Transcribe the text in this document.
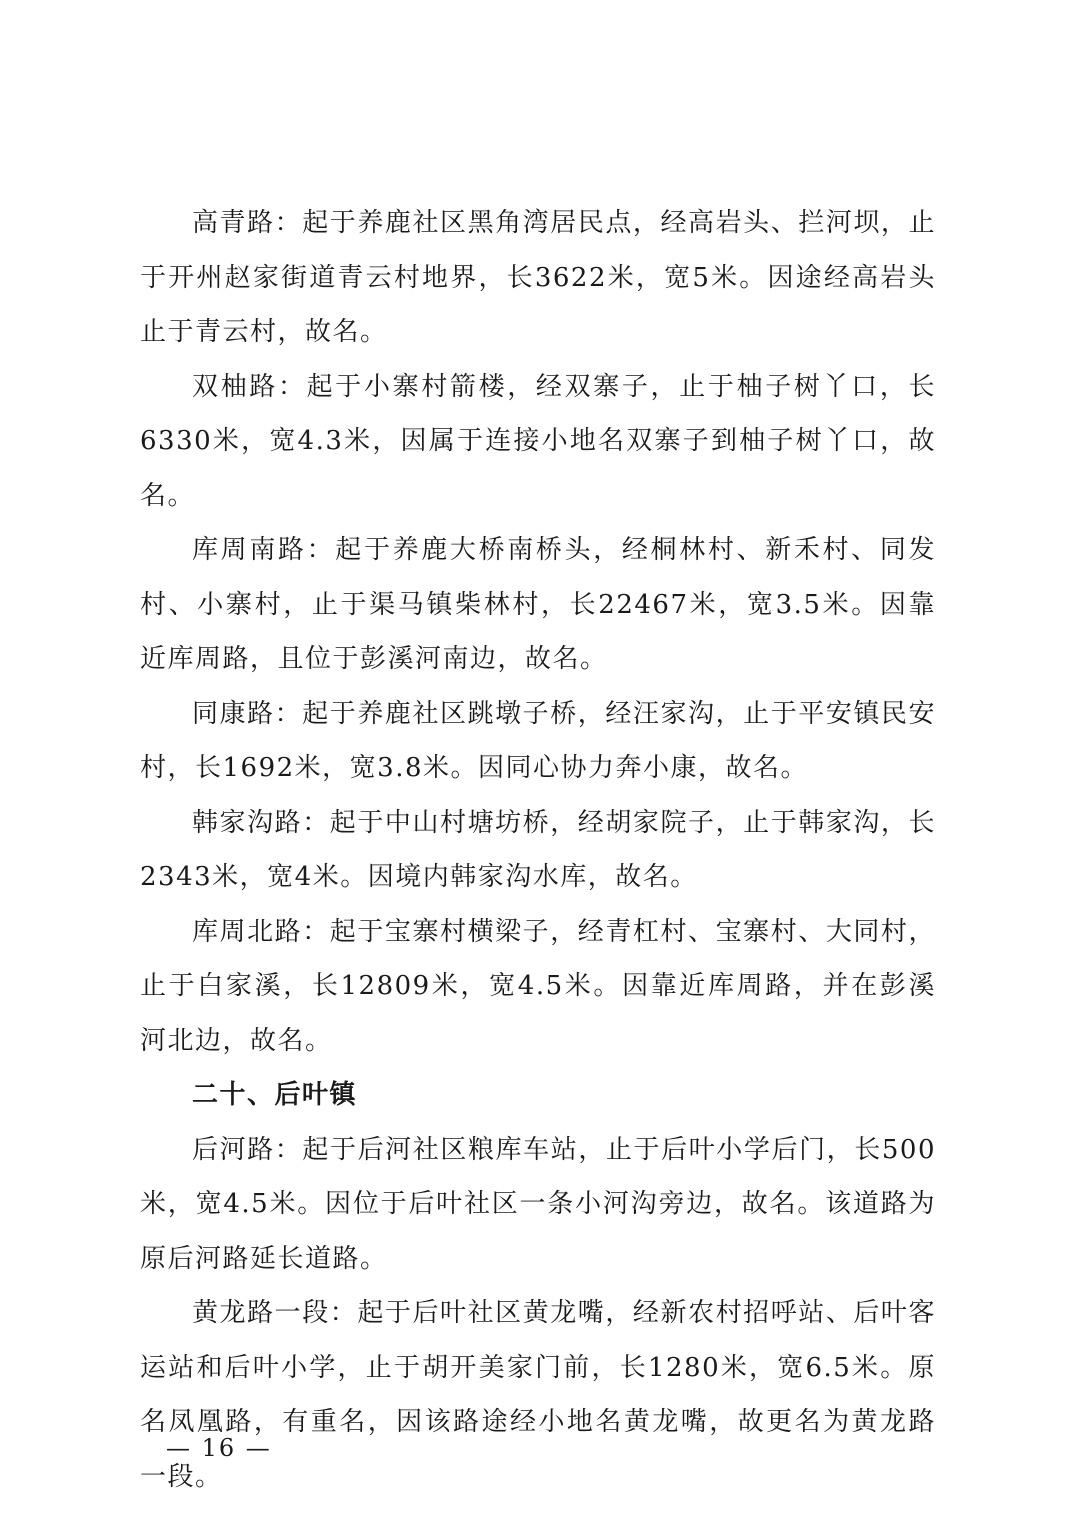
高青路：起于养鹿社区黑角湾居民点，经高岩头、拦河坝，止于开州赵家街道青云村地界，长3622米，宽5米。因途经高岩头止于青云村，故名。

双柚路：起于小寨村箭楼，经双寨子，止于柚子树丫口，长6330米，宽4.3米，因属于连接小地名双寨子到柚子树丫口，故名。

库周南路：起于养鹿大桥南桥头，经桐林村、新禾村、同发村、小寨村，止于渠马镇柴林村，长22467米，宽3.5米。因靠近库周路，且位于彭溪河南边，故名。

同康路：起于养鹿社区跳墩子桥，经汪家沟，止于平安镇民安村，长1692米，宽3.8米。因同心协力奔小康，故名。

韩家沟路：起于中山村塘坊桥，经胡家院子，止于韩家沟，长2343米，宽4米。因境内韩家沟水库，故名。

库周北路：起于宝寨村横梁子，经青杠村、宝寨村、大同村，止于白家溪，长12809米，宽4.5米。因靠近库周路，并在彭溪河北边，故名。

二十、后叶镇

后河路：起于后河社区粮库车站，止于后叶小学后门，长500米，宽4.5米。因位于后叶社区一条小河沟旁边，故名。该道路为原后河路延长道路。

黄龙路一段：起于后叶社区黄龙嘴，经新农村招呼站、后叶客运站和后叶小学，止于胡开美家门前，长1280米，宽6.5米。原名凤凰路，有重名，因该路途经小地名黄龙嘴，故更名为黄龙路一段。

— 16 —
